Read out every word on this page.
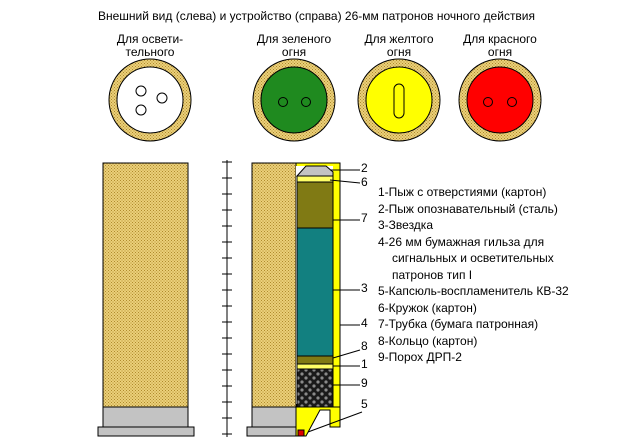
2
6
7
3
4
8
1
9
5
Внешний вид (слева) и устройство (справа) 26-мм патронов ночного действия
Для освети-
тельного
Для зеленого
огня
Для желтого
огня
Для красного
огня
1-Пыж с отверстиями (картон)
2-Пыж опознавательный (сталь)
3-Звездка
4-26 мм бумажная гильза для
сигнальных и осветительных
патронов тип I
5-Капсюль-воспламенитель КВ-32
6-Кружок (картон)
7-Трубка (бумага патронная)
8-Кольцо (картон)
9-Порох ДРП-2
